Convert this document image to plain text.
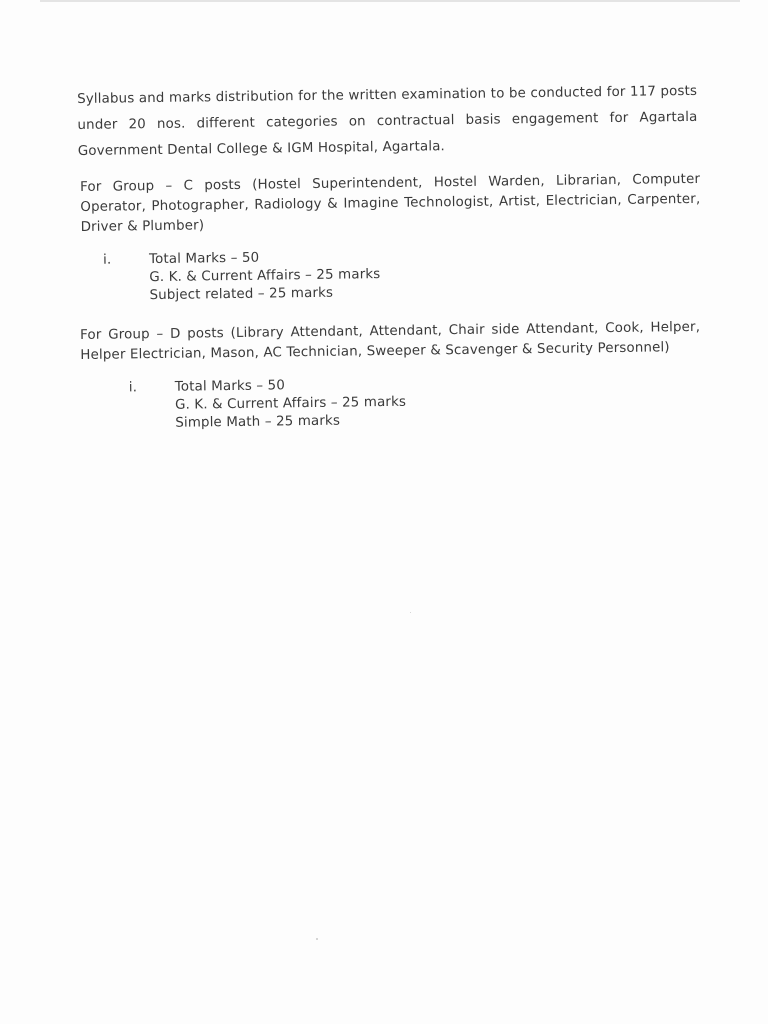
Syllabus and marks distribution for the written examination to be conducted for 117 posts under 20 nos. different categories on contractual basis engagement for Agartala Government Dental College & IGM Hospital, Agartala.

For Group – C posts (Hostel Superintendent, Hostel Warden, Librarian, Computer Operator, Photographer, Radiology & Imagine Technologist, Artist, Electrician, Carpenter, Driver & Plumber)
i.	Total Marks – 50
G. K. & Current Affairs – 25 marks
Subject related – 25 marks
For Group – D posts (Library Attendant, Attendant, Chair side Attendant, Cook, Helper, Helper Electrician, Mason, AC Technician, Sweeper & Scavenger & Security Personnel)
i.	Total Marks – 50
G. K. & Current Affairs – 25 marks
Simple Math – 25 marks
